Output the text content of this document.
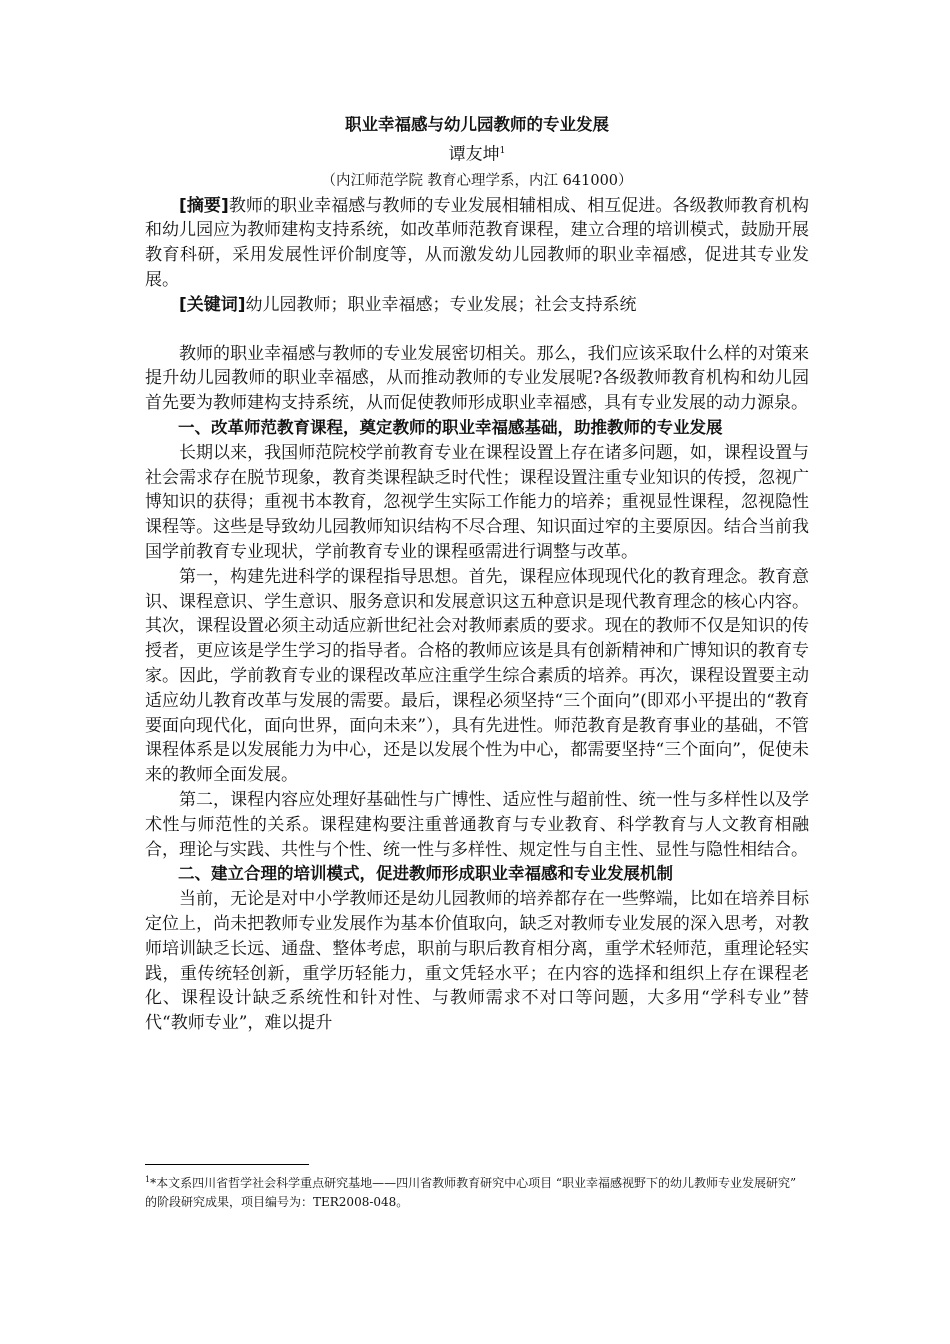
职业幸福感与幼儿园教师的专业发展

谭友坤$^1$

（内江师范学院 教育心理学系，内江 641000）

[摘要]教师的职业幸福感与教师的专业发展相辅相成、相互促进。各级教师教育机构和幼儿园应为教师建构支持系统，如改革师范教育课程，建立合理的培训模式，鼓励开展教育科研，采用发展性评价制度等，从而激发幼儿园教师的职业幸福感，促进其专业发展。

[关键词]幼儿园教师；职业幸福感；专业发展；社会支持系统

教师的职业幸福感与教师的专业发展密切相关。那么，我们应该采取什么样的对策来提升幼儿园教师的职业幸福感，从而推动教师的专业发展呢?各级教师教育机构和幼儿园首先要为教师建构支持系统，从而促使教师形成职业幸福感，具有专业发展的动力源泉。

一、改革师范教育课程，奠定教师的职业幸福感基础，助推教师的专业发展

长期以来，我国师范院校学前教育专业在课程设置上存在诸多问题，如，课程设置与社会需求存在脱节现象，教育类课程缺乏时代性；课程设置注重专业知识的传授，忽视广博知识的获得；重视书本教育，忽视学生实际工作能力的培养；重视显性课程，忽视隐性课程等。这些是导致幼儿园教师知识结构不尽合理、知识面过窄的主要原因。结合当前我国学前教育专业现状，学前教育专业的课程亟需进行调整与改革。

第一，构建先进科学的课程指导思想。首先，课程应体现现代化的教育理念。教育意识、课程意识、学生意识、服务意识和发展意识这五种意识是现代教育理念的核心内容。其次，课程设置必须主动适应新世纪社会对教师素质的要求。现在的教师不仅是知识的传授者，更应该是学生学习的指导者。合格的教师应该是具有创新精神和广博知识的教育专家。因此，学前教育专业的课程改革应注重学生综合素质的培养。再次，课程设置要主动适应幼儿教育改革与发展的需要。最后，课程必须坚持“三个面向”(即邓小平提出的“教育要面向现代化，面向世界，面向未来”），具有先进性。师范教育是教育事业的基础，不管课程体系是以发展能力为中心，还是以发展个性为中心，都需要坚持“三个面向”，促使未来的教师全面发展。

第二，课程内容应处理好基础性与广博性、适应性与超前性、统一性与多样性以及学术性与师范性的关系。课程建构要注重普通教育与专业教育、科学教育与人文教育相融合，理论与实践、共性与个性、统一性与多样性、规定性与自主性、显性与隐性相结合。

二、建立合理的培训模式，促进教师形成职业幸福感和专业发展机制

当前，无论是对中小学教师还是幼儿园教师的培养都存在一些弊端，比如在培养目标定位上，尚未把教师专业发展作为基本价值取向，缺乏对教师专业发展的深入思考，对教师培训缺乏长远、通盘、整体考虑，职前与职后教育相分离，重学术轻师范，重理论轻实践，重传统轻创新，重学历轻能力，重文凭轻水平；在内容的选择和组织上存在课程老化、课程设计缺乏系统性和针对性、与教师需求不对口等问题，大多用“学科专业”替代“教师专业”，难以提升

$^1$*本文系四川省哲学社会科学重点研究基地——四川省教师教育研究中心项目 “职业幸福感视野下的幼儿教师专业发展研究” 的阶段研究成果，项目编号为：TER2008-048。
